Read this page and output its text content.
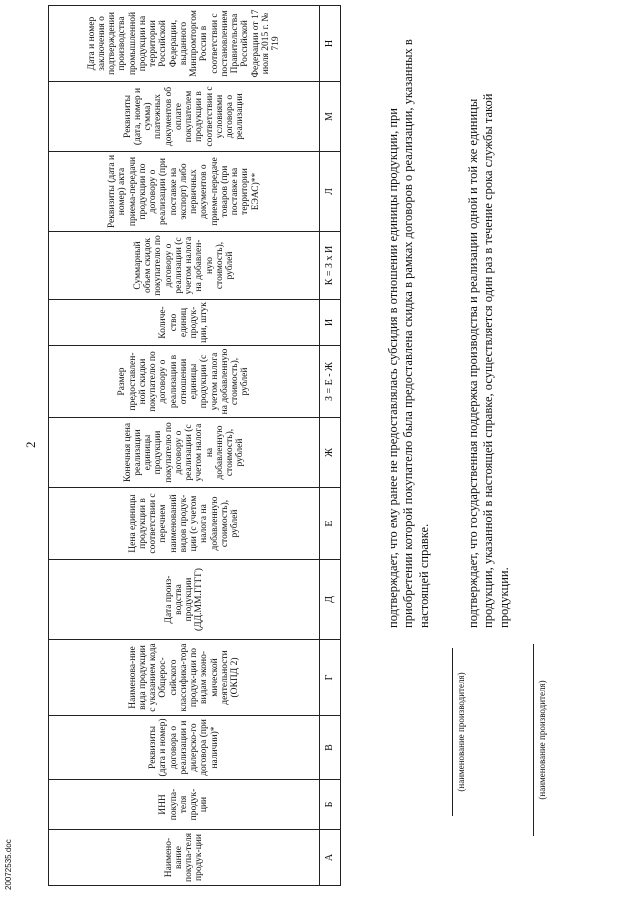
2
Наимено-вание покупа-теля продук-ции	ИНН покупа-теля продук-ции	Реквизиты (дата и номер) договора о реализации и дилерско-го договора (при наличии)*	Наименова-ние вида продукции с указанием кода Общерос-сийского классифика-тора продук-ции по видам эконо-мической деятельности (ОКПД 2)	Дата произ-водства продукции (ДД.ММ.ГГГГ)	Цена единицы продукции в соответствии с перечнем наименований видов продук-ции (с учетом налога на добавленную стоимость), рублей	Конечная цена реализации единицы продукции покупателю по договору о реализации (с учетом налога на добавленную стоимость), рублей	Размер предоставлен-ной скидки покупателю по договору о реализации в отношении единицы продукции (с учетом налога на добавленную стоимость), рублей	Количе-ство единиц продук-ции, штук	Суммарный объем скидок покупателю по договору о реализации (с учетом налога на добавлен-ную стоимость), рублей	Реквизиты (дата и номер) акта приема-передачи продукции по договору о реализации (при поставке на экспорт) либо первичных документов о приеме-передаче товаров (при поставке на территории ЕЭАС)**	Реквизиты (дата, номер и сумма) платежных документов об оплате покупателем продукции в соответствии с условиями договора о реализации	Дата и номер заключения о подтверждении производства промышленной продукции на территории Российской Федерации, выданного Минпромторгом России в соответствии с постановлением Правительства Российской Федерации от 17 июля 2015 г. № 719
А	Б	В	Г	Д	Е	Ж	З = Е - Ж	И	К = З х И	Л	М	Н
(наименование производителя)
подтверждает, что ему ранее не предоставлялась субсидия в отношении единицы продукции, при приобретении которой покупателю была предоставлена скидка в рамках договоров о реализации, указанных в настоящей справке.
(наименование производителя)
подтверждает, что государственная поддержка производства и реализации одной и той же единицы продукции, указанной в настоящей справке, осуществляется один раз в течение срока службы такой продукции.
20072535.doc
